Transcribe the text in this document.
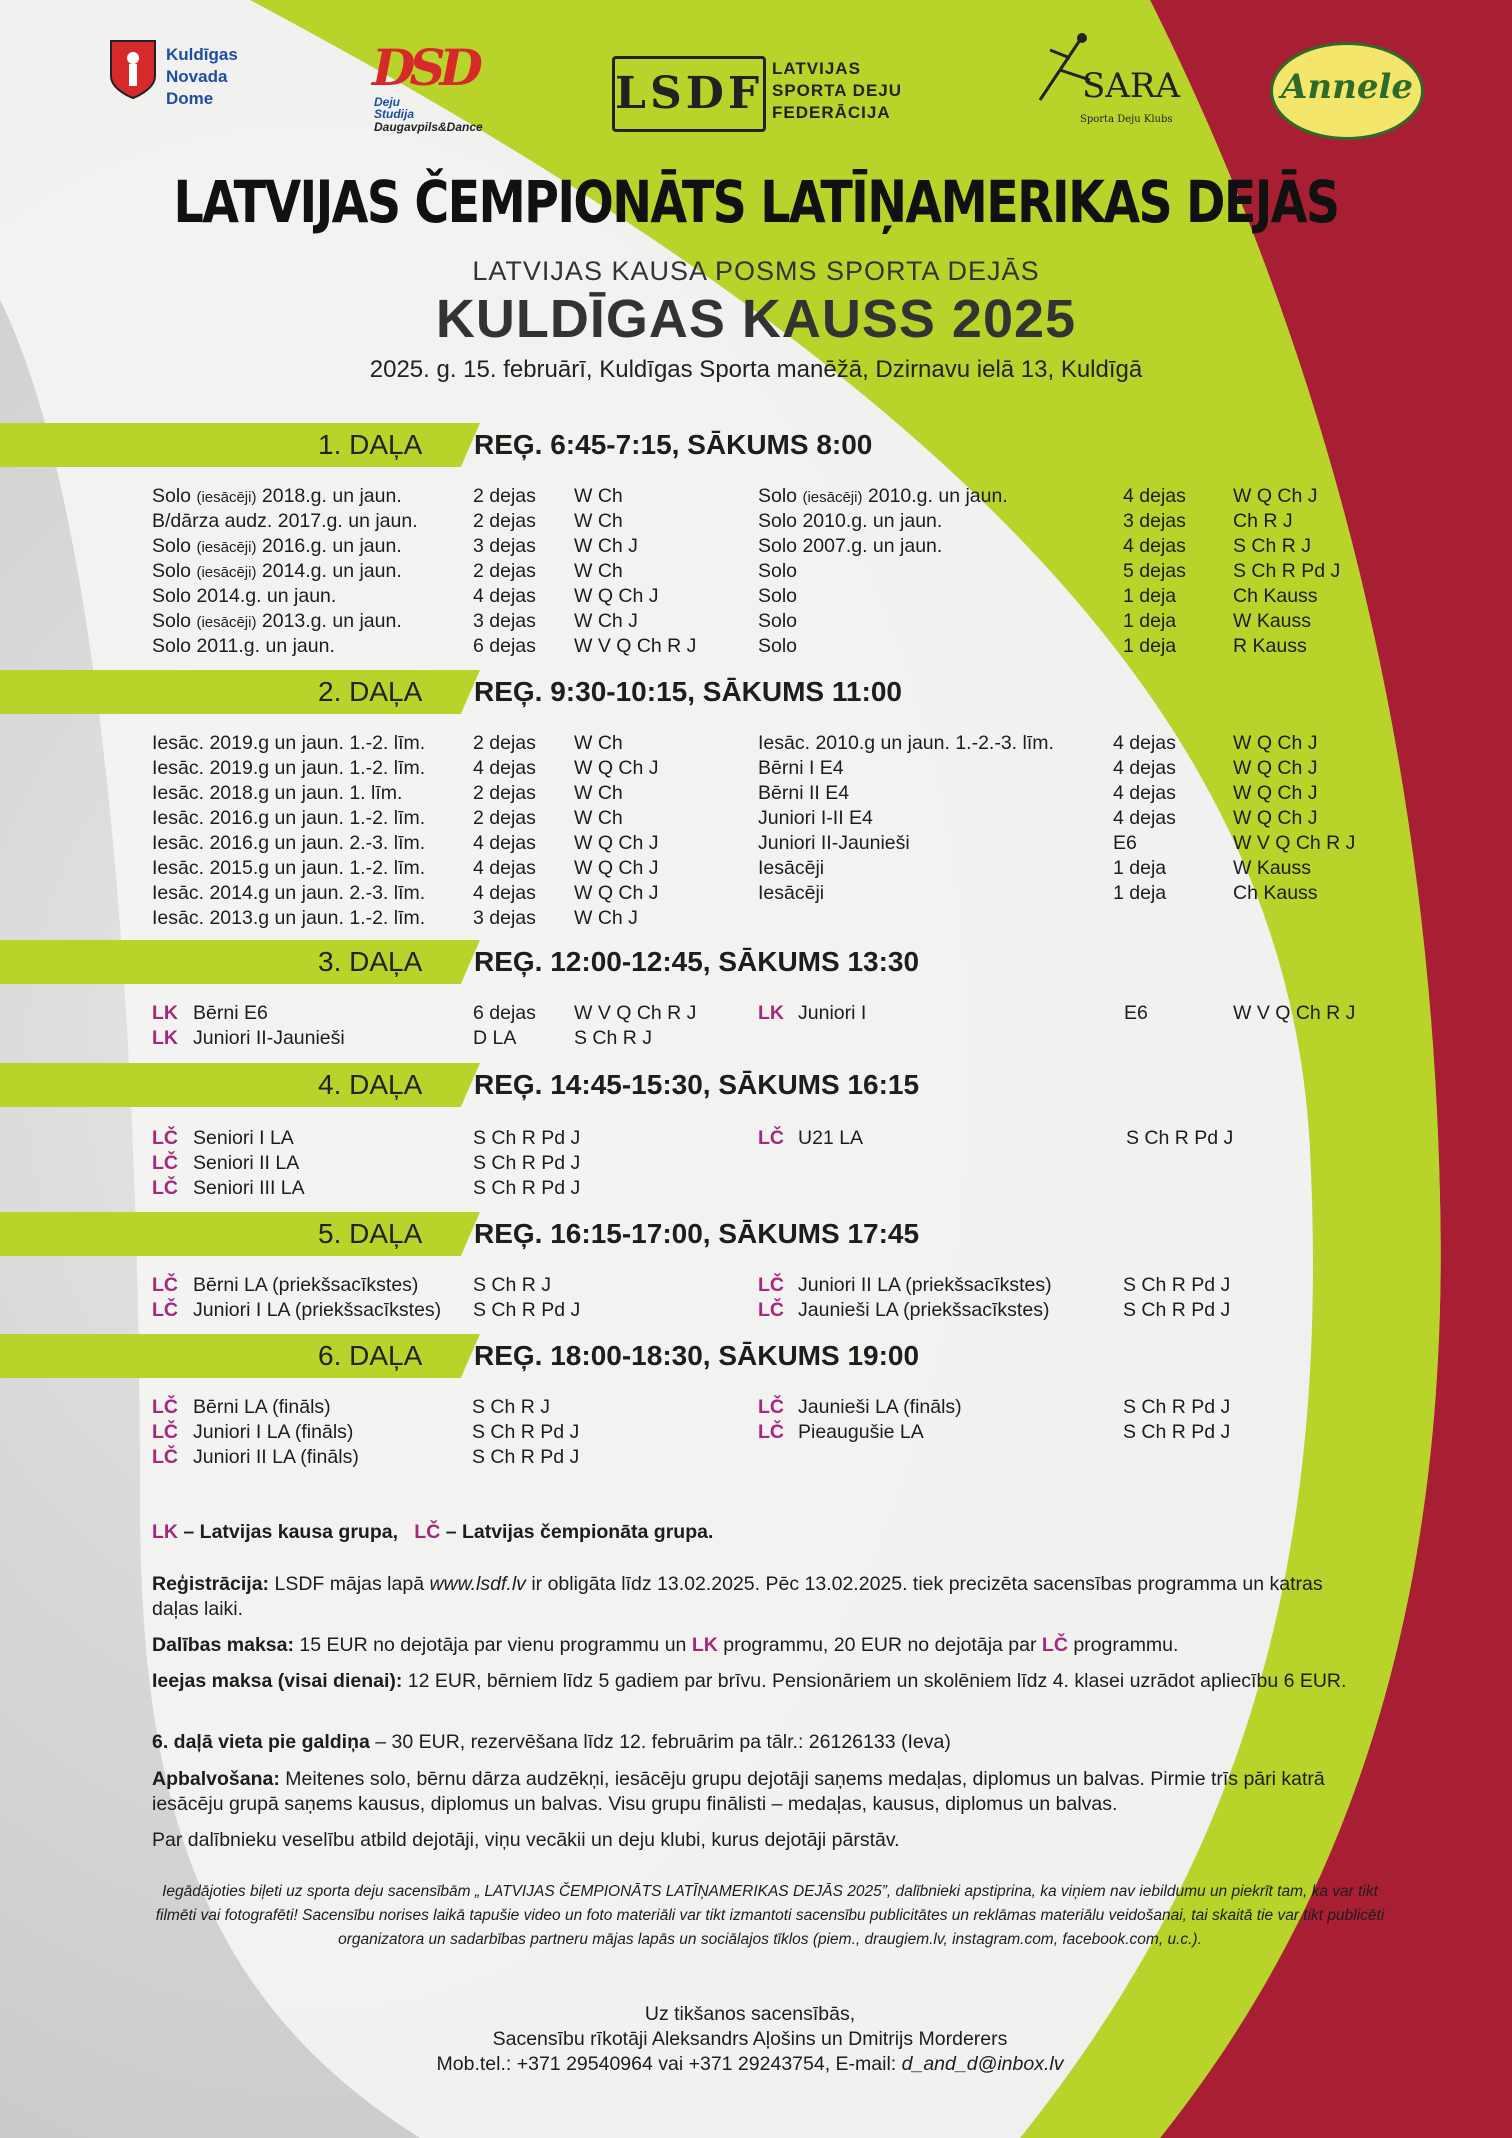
Kuldīgas
Novada
Dome
DSD
Deju
Studija
Daugavpils&Dance
LSDF LATVIJAS
SPORTA DEJU
FEDERĀCIJA
SARA
Sporta Deju Klubs
Annele
LATVIJAS ČEMPIONĀTS LATĪŅAMERIKAS DEJĀS
LATVIJAS KAUSA POSMS SPORTA DEJĀS
KULDĪGAS KAUSS 2025
2025. g. 15. februārī, Kuldīgas Sporta manēžā, Dzirnavu ielā 13, Kuldīgā
1. DAĻA REĢ. 6:45-7:15, SĀKUMS 8:00
2. DAĻA REĢ. 9:30-10:15, SĀKUMS 11:00
3. DAĻA REĢ. 12:00-12:45, SĀKUMS 13:30
4. DAĻA REĢ. 14:45-15:30, SĀKUMS 16:15
5. DAĻA REĢ. 16:15-17:00, SĀKUMS 17:45
6. DAĻA REĢ. 18:00-18:30, SĀKUMS 19:00
Solo (iesācēji) 2018.g. un jaun.	2 dejas W Ch
B/dārza audz. 2017.g. un jaun.	2 dejas W Ch
Solo (iesācēji) 2016.g. un jaun.	3 dejas W Ch J
Solo (iesācēji) 2014.g. un jaun.	2 dejas W Ch
Solo 2014.g. un jaun.	4 dejas W Q Ch J
Solo (iesācēji) 2013.g. un jaun.	3 dejas W Ch J
Solo 2011.g. un jaun.	6 dejas W V Q Ch R J
Solo (iesācēji) 2010.g. un jaun.	4 dejas W Q Ch J
Solo 2010.g. un jaun.	3 dejas Ch R J
Solo 2007.g. un jaun.	4 dejas S Ch R J
Solo	5 dejas S Ch R Pd J
Solo	1 deja	Ch Kauss
Solo	1 deja	W Kauss
Solo	1 deja	R Kauss
Iesāc. 2019.g un jaun. 1.-2. līm. 2 dejas W Ch
Iesāc. 2019.g un jaun. 1.-2. līm. 4 dejas W Q Ch J
Iesāc. 2018.g un jaun. 1. līm.	2 dejas W Ch
Iesāc. 2016.g un jaun. 1.-2. līm. 2 dejas W Ch
Iesāc. 2016.g un jaun. 2.-3. līm. 4 dejas W Q Ch J
Iesāc. 2015.g un jaun. 1.-2. līm. 4 dejas W Q Ch J
Iesāc. 2014.g un jaun. 2.-3. līm. 4 dejas W Q Ch J
Iesāc. 2013.g un jaun. 1.-2. līm. 3 dejas W Ch J
Iesāc. 2010.g un jaun. 1.-2.-3. līm.	4 dejas	W Q Ch J
Bērni I E4	4 dejas	W Q Ch J
Bērni II E4	4 dejas	W Q Ch J
Juniori I-II E4	4 dejas	W Q Ch J
Juniori II-Jaunieši	E6	W V Q Ch R J
Iesācēji	1 deja	W Kauss
Iesācēji	1 deja	Ch Kauss
LK Bērni E6	6 dejas W V Q Ch R J
LK Juniori II-Jaunieši	D LA	S Ch R J
LK Juniori I	E6	W V Q Ch R J
LČ Seniori I LA	S Ch R Pd J
LČ Seniori II LA	S Ch R Pd J
LČ Seniori III LA	S Ch R Pd J
LČ U21 LA	S Ch R Pd J
LČ Bērni LA (priekšsacīkstes)	S Ch R J
LČ Juniori I LA (priekšsacīkstes) S Ch R Pd J
LČ Juniori II LA (priekšsacīkstes)	S Ch R Pd J
LČ Jaunieši LA (priekšsacīkstes)	S Ch R Pd J
LČ Bērni LA (fināls)	S Ch R J
LČ Juniori I LA (fināls)	S Ch R Pd J
LČ Juniori II LA (fināls)	S Ch R Pd J
LČ Jaunieši LA (fināls)	S Ch R Pd J
LČ Pieaugušie LA	S Ch R Pd J
LK – Latvijas kausa grupa, LČ – Latvijas čempionāta grupa.
Reģistrācija: LSDF mājas lapā www.lsdf.lv ir obligāta līdz 13.02.2025. Pēc 13.02.2025. tiek precizēta sacensības programma un katras daļas laiki.
Dalības maksa: 15 EUR no dejotāja par vienu programmu un LK programmu, 20 EUR no dejotāja par LČ programmu.
Ieejas maksa (visai dienai): 12 EUR, bērniem līdz 5 gadiem par brīvu. Pensionāriem un skolēniem līdz 4. klasei uzrādot apliecību 6 EUR.
6. daļā vieta pie galdiņa – 30 EUR, rezervēšana līdz 12. februārim pa tālr.: 26126133 (Ieva)
Apbalvošana: Meitenes solo, bērnu dārza audzēkņi, iesācēju grupu dejotāji saņems medaļas, diplomus un balvas. Pirmie trīs pāri katrā iesācēju grupā saņems kausus, diplomus un balvas. Visu grupu finālisti – medaļas, kausus, diplomus un balvas.
Par dalībnieku veselību atbild dejotāji, viņu vecākii un deju klubi, kurus dejotāji pārstāv.
Iegādājoties biļeti uz sporta deju sacensībām „ LATVIJAS ČEMPIONĀTS LATĪŅAMERIKAS DEJĀS 2025”, dalībnieki apstiprina, ka viņiem nav iebildumu un piekrīt tam, ka var tikt filmēti vai fotografēti! Sacensību norises laikā tapušie video un foto materiāli var tikt izmantoti sacensību publicitātes un reklāmas materiālu veidošanai, tai skaitā tie var tikt publicēti organizatora un sadarbības partneru mājas lapās un sociālajos tīklos (piem., draugiem.lv, instagram.com, facebook.com, u.c.).
Uz tikšanos sacensībās,
Sacensību rīkotāji Aleksandrs Aļošins un Dmitrijs Morderers
Mob.tel.: +371 29540964 vai +371 29243754, E-mail: d_and_d@inbox.lv
